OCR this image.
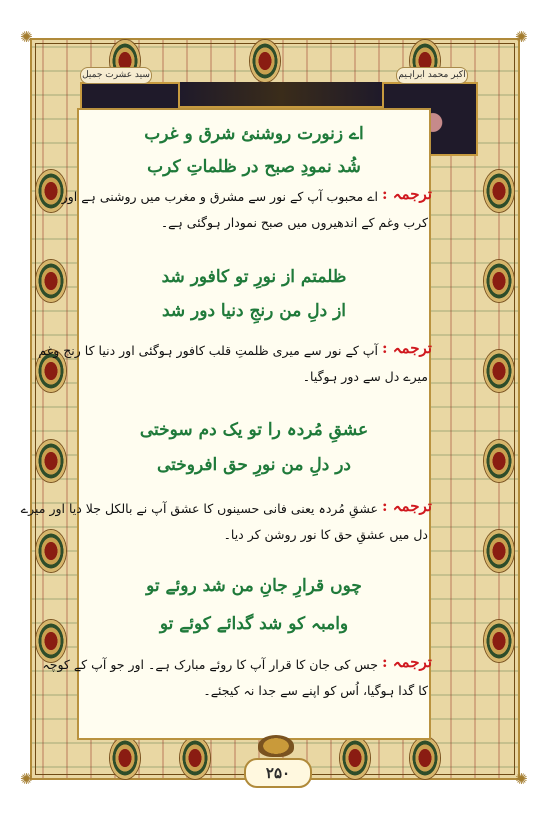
✺	✺
✺	✺
سید عشرت جمیل	اکبر محمد ابراہیم
اے زنورت روشنئ شرق و غرب
شُد نمودِ صبح در ظلماتِ کرب
ترجمہ :
اے محبوب آپ کے نور سے مشرق و مغرب میں روشنی ہے اور
کرب وغم کے اندھیروں میں صبح نمودار ہوگئی ہے۔
ظلمتم از نورِ تو کافور شد
از دلِ من رنجِ دنیا دور شد
ترجمہ :
آپ کے نور سے میری ظلمتِ قلب کافور ہوگئی اور دنیا کا رنج وغم
میرے دل سے دور ہوگیا۔
عشقِ مُردہ را تو یک دم سوختی
در دلِ من نورِ حق افروختی
ترجمہ :
عشقِ مُردہ یعنی فانی حسینوں کا عشق آپ نے بالکل جلا دیا اور میرے
دل میں عشقِ حق کا نور روشن کر دیا۔
چوں قرارِ جانِ من شد روئے تو
وامبہ کو شد گدائے کوئے تو
ترجمہ :
جس کی جان کا قرار آپ کا روئے مبارک ہے۔ اور جو آپ کے کوچہ
کا گدا ہوگیا، اُس کو اپنے سے جدا نہ کیجئے۔
۲۵۰
